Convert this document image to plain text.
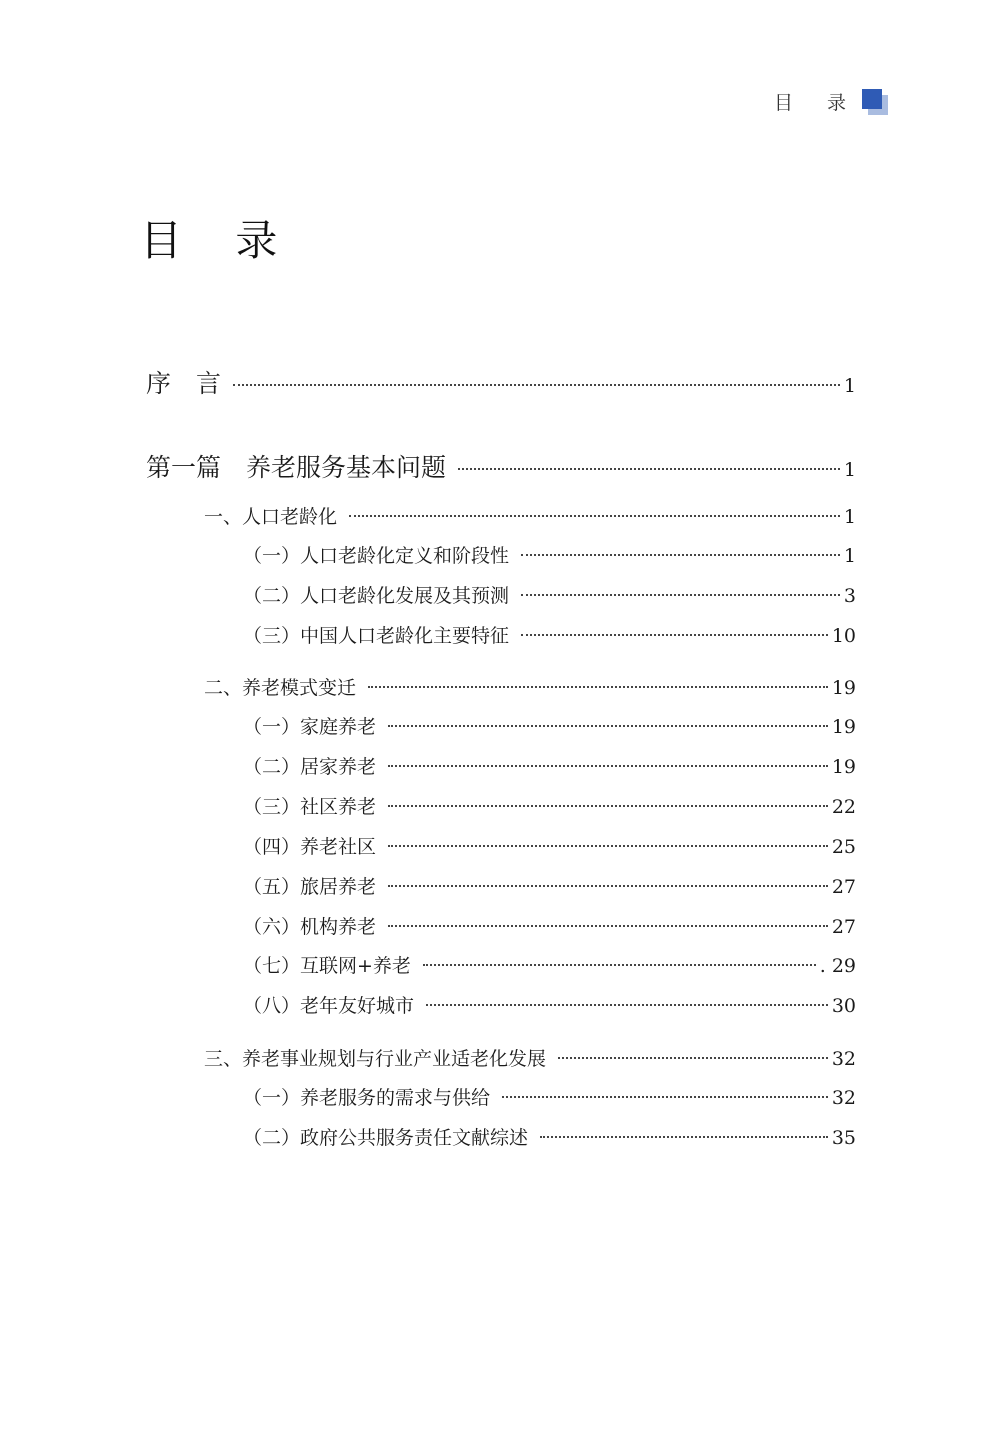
目 录
目 录
序　言	1
第一篇　养老服务基本问题	1
一、人口老龄化	1
（一）人口老龄化定义和阶段性	1
（二）人口老龄化发展及其预测	3
（三）中国人口老龄化主要特征	10
二、养老模式变迁	19
（一）家庭养老	19
（二）居家养老	19
（三）社区养老	22
（四）养老社区	25
（五）旅居养老	27
（六）机构养老	27
（七）互联网+养老	. 29
（八）老年友好城市	30
三、养老事业规划与行业产业适老化发展	32
（一）养老服务的需求与供给	32
（二）政府公共服务责任文献综述	35
